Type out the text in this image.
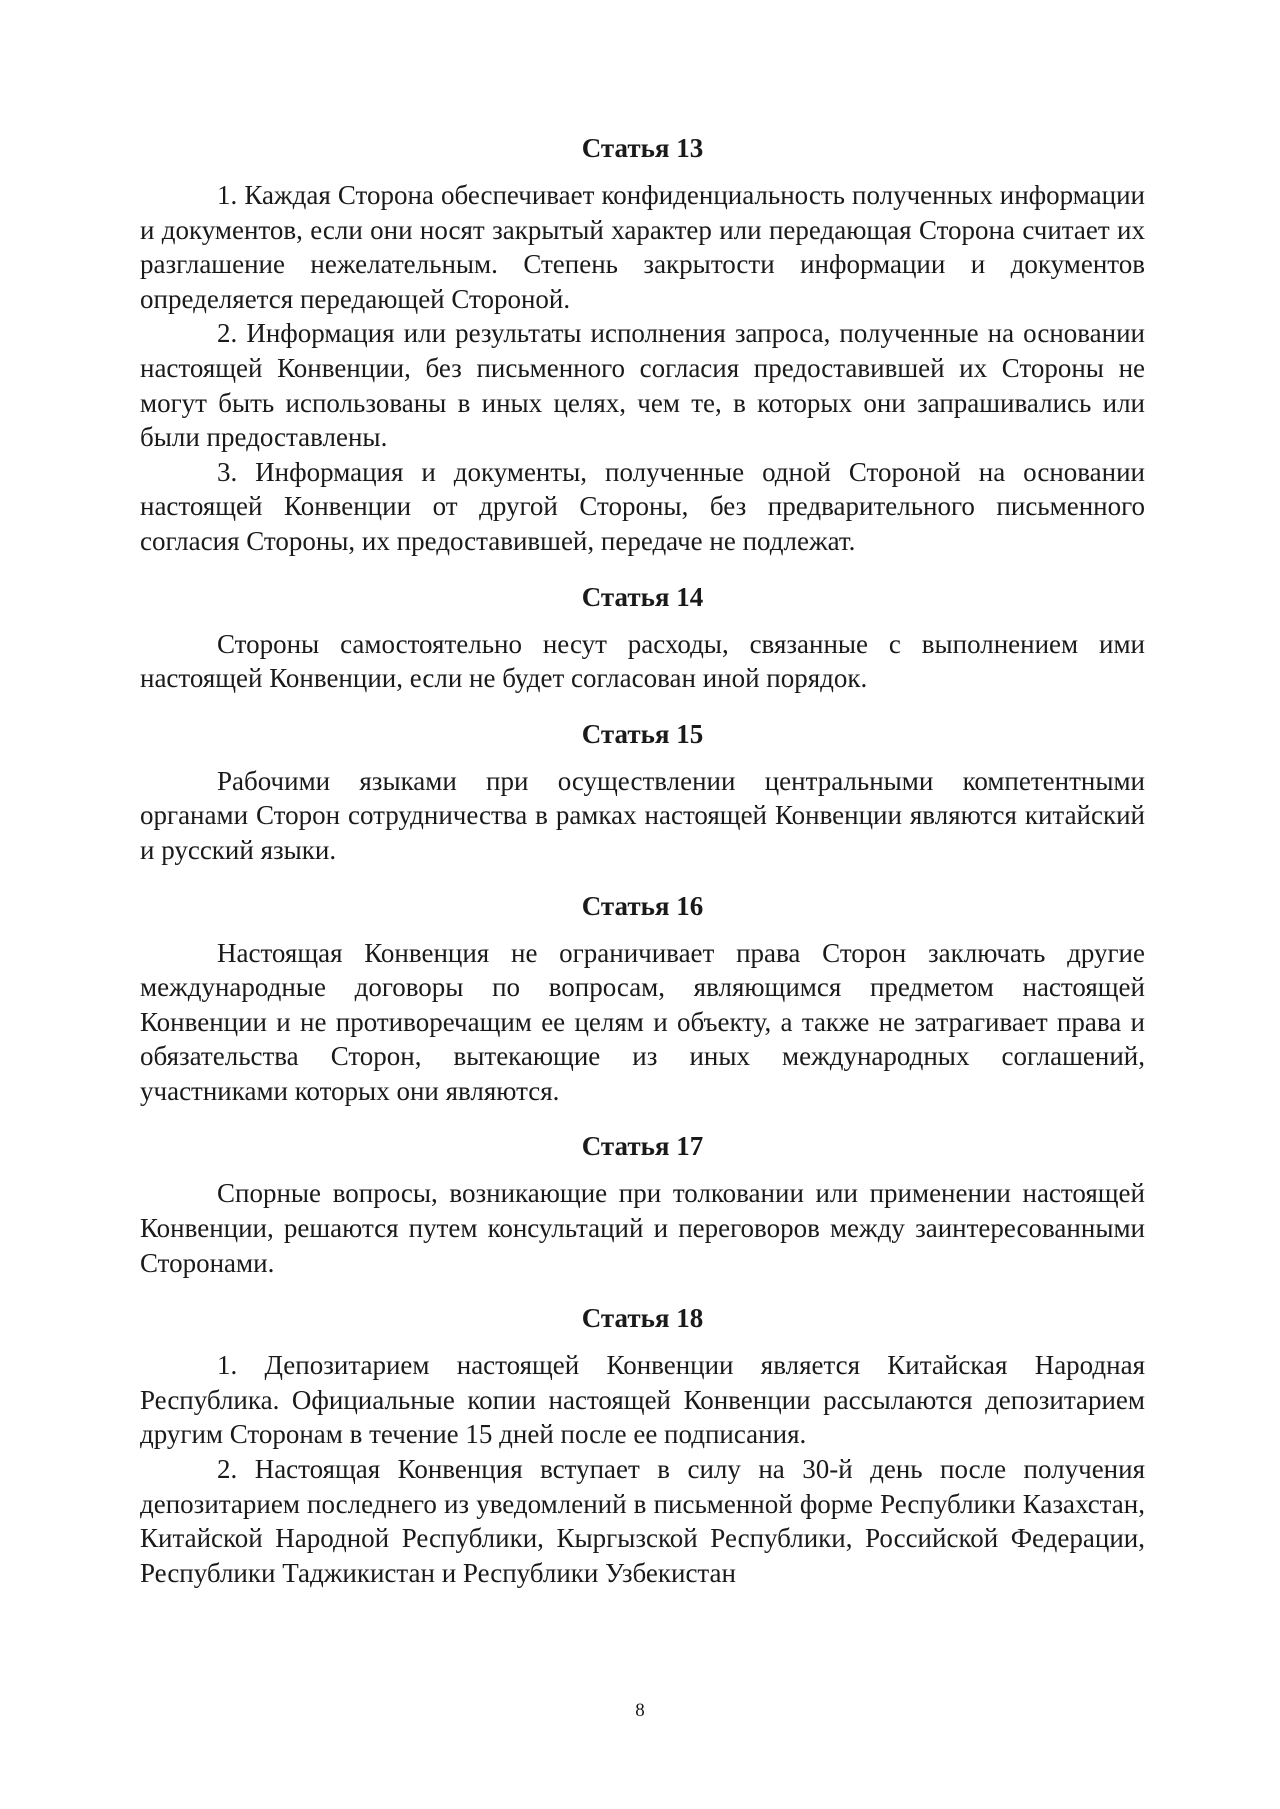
Статья 13

1. Каждая Сторона обеспечивает конфиденциальность полученных информации и документов, если они носят закрытый характер или передающая Сторона считает их разглашение нежелательным. Степень закрытости информации и документов определяется передающей Стороной.

2. Информация или результаты исполнения запроса, полученные на основании настоящей Конвенции, без письменного согласия предоставившей их Стороны не могут быть использованы в иных целях, чем те, в которых они запрашивались или были предоставлены.

3. Информация и документы, полученные одной Стороной на основании настоящей Конвенции от другой Стороны, без предварительного письменного согласия Стороны, их предоставившей, передаче не подлежат.

Статья 14

Стороны самостоятельно несут расходы, связанные с выполнением ими настоящей Конвенции, если не будет согласован иной порядок.

Статья 15

Рабочими языками при осуществлении центральными компетентными органами Сторон сотрудничества в рамках настоящей Конвенции являются китайский и русский языки.

Статья 16

Настоящая Конвенция не ограничивает права Сторон заключать другие международные договоры по вопросам, являющимся предметом настоящей Конвенции и не противоречащим ее целям и объекту, а также не затрагивает права и обязательства Сторон, вытекающие из иных международных соглашений, участниками которых они являются.

Статья 17

Спорные вопросы, возникающие при толковании или применении настоящей Конвенции, решаются путем консультаций и переговоров между заинтересованными Сторонами.

Статья 18

1. Депозитарием настоящей Конвенции является Китайская Народная Республика. Официальные копии настоящей Конвенции рассылаются депозитарием другим Сторонам в течение 15 дней после ее подписания.

2. Настоящая Конвенция вступает в силу на 30-й день после получения депозитарием последнего из уведомлений в письменной форме Республики Казахстан, Китайской Народной Республики, Кыргызской Республики, Российской Федерации, Республики Таджикистан и Республики Узбекистан

8
